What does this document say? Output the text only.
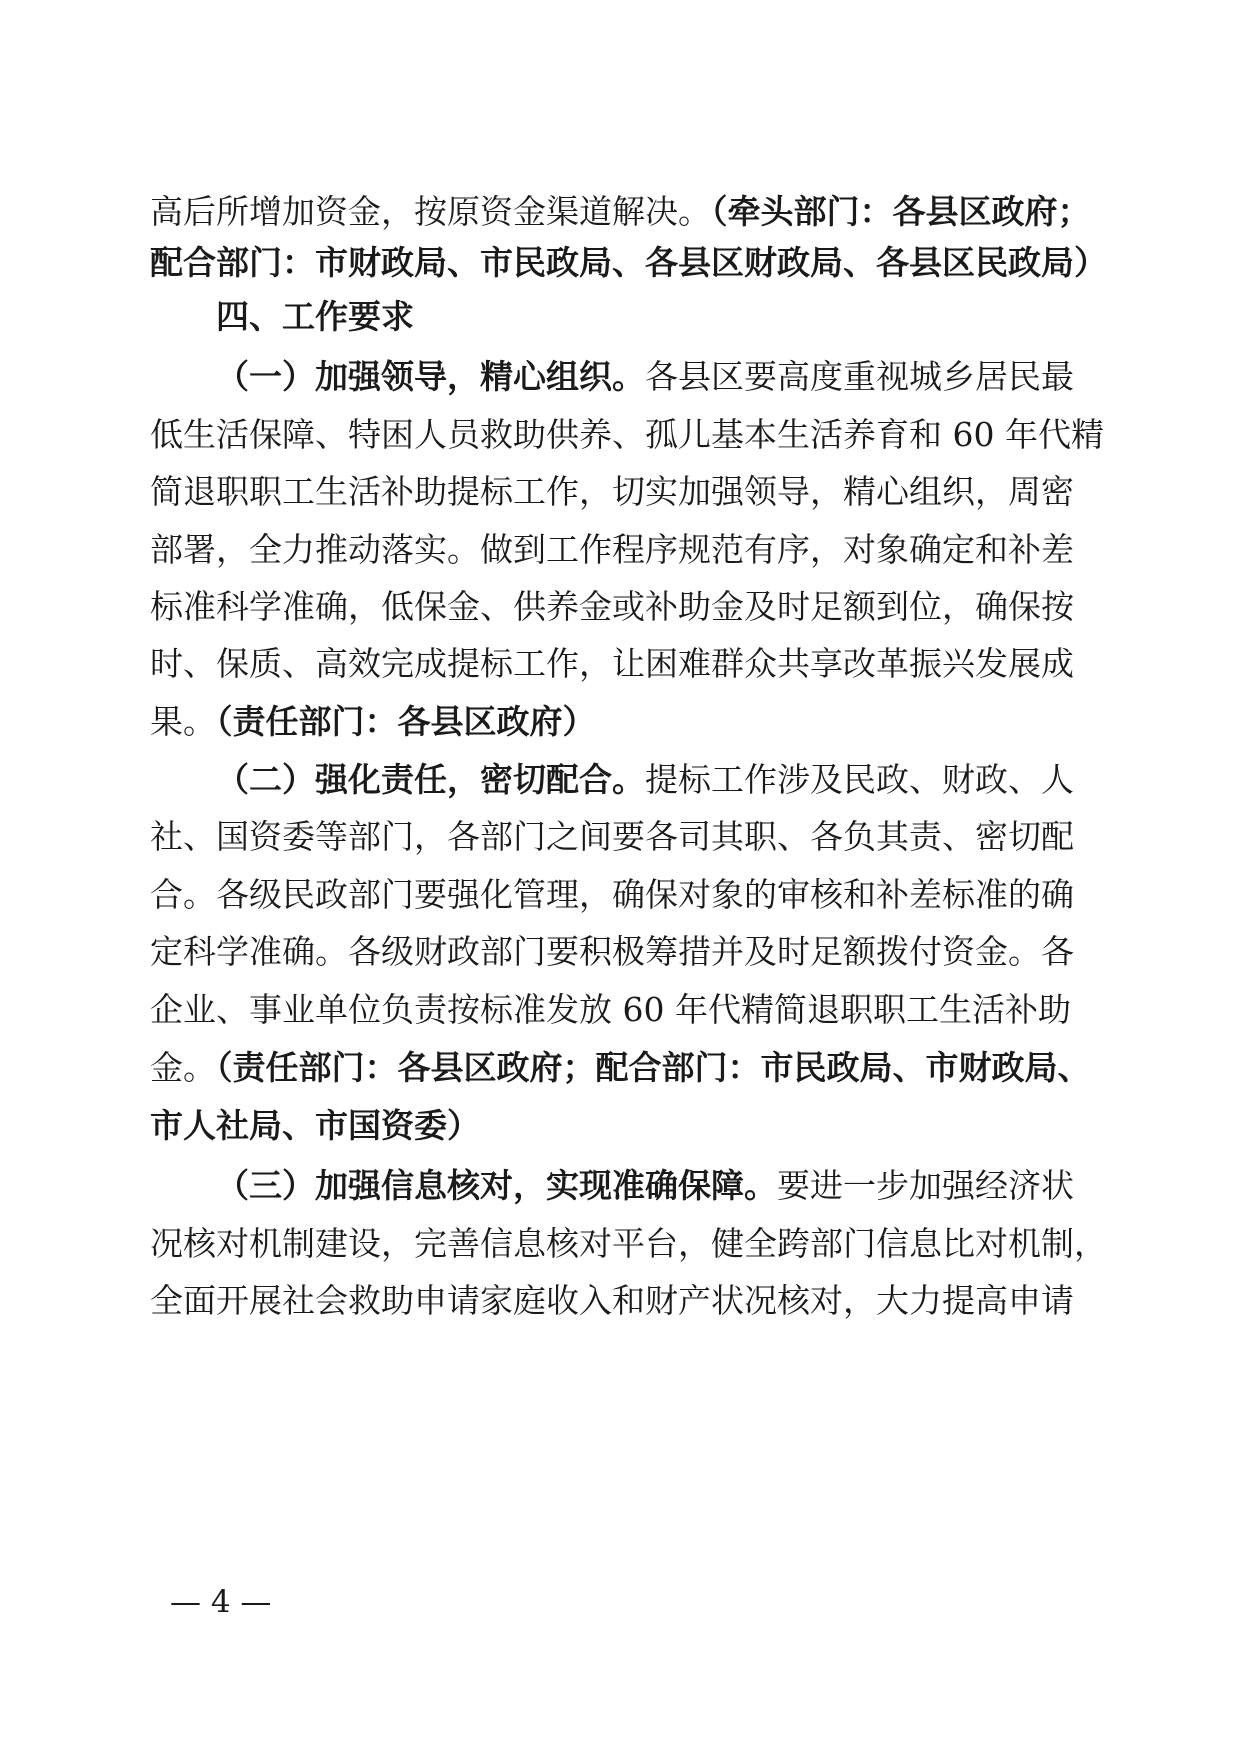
高后所增加资金，按原资金渠道解决。（牵头部门：各县区政府；
配合部门：市财政局、市民政局、各县区财政局、各县区民政局）
四、工作要求
（一）加强领导，精心组织。各县区要高度重视城乡居民最
低生活保障、特困人员救助供养、孤儿基本生活养育和 60 年代精
简退职职工生活补助提标工作，切实加强领导，精心组织，周密
部署，全力推动落实。做到工作程序规范有序，对象确定和补差
标准科学准确，低保金、供养金或补助金及时足额到位，确保按
时、保质、高效完成提标工作，让困难群众共享改革振兴发展成
果。（责任部门：各县区政府）
（二）强化责任，密切配合。提标工作涉及民政、财政、人
社、国资委等部门，各部门之间要各司其职、各负其责、密切配
合。各级民政部门要强化管理，确保对象的审核和补差标准的确
定科学准确。各级财政部门要积极筹措并及时足额拨付资金。各
企业、事业单位负责按标准发放 60 年代精简退职职工生活补助
金。（责任部门：各县区政府；配合部门：市民政局、市财政局、
市人社局、市国资委）
（三）加强信息核对，实现准确保障。要进一步加强经济状
况核对机制建设，完善信息核对平台，健全跨部门信息比对机制，
全面开展社会救助申请家庭收入和财产状况核对，大力提高申请
— 4 —
